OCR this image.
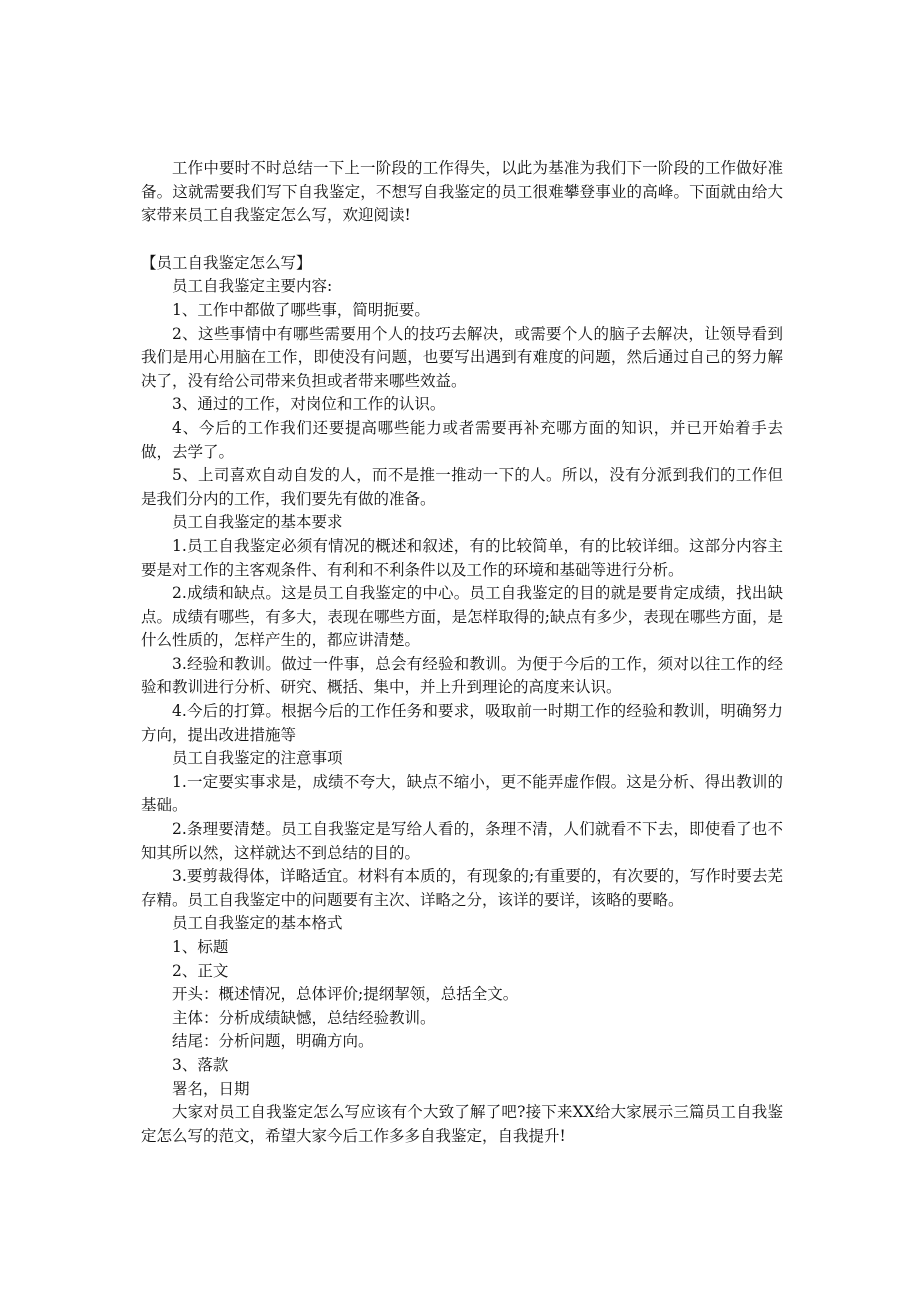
工作中要时不时总结一下上一阶段的工作得失，以此为基准为我们下一阶段的工作做好准备。这就需要我们写下自我鉴定，不想写自我鉴定的员工很难攀登事业的高峰。下面就由给大家带来员工自我鉴定怎么写，欢迎阅读!

【员工自我鉴定怎么写】

员工自我鉴定主要内容:

1、工作中都做了哪些事，简明扼要。

2、这些事情中有哪些需要用个人的技巧去解决，或需要个人的脑子去解决，让领导看到我们是用心用脑在工作，即使没有问题，也要写出遇到有难度的问题，然后通过自己的努力解决了，没有给公司带来负担或者带来哪些效益。

3、通过的工作，对岗位和工作的认识。

4、今后的工作我们还要提高哪些能力或者需要再补充哪方面的知识，并已开始着手去做，去学了。

5、上司喜欢自动自发的人，而不是推一推动一下的人。所以，没有分派到我们的工作但是我们分内的工作，我们要先有做的准备。

员工自我鉴定的基本要求

1.员工自我鉴定必须有情况的概述和叙述，有的比较简单，有的比较详细。这部分内容主要是对工作的主客观条件、有利和不利条件以及工作的环境和基础等进行分析。

2.成绩和缺点。这是员工自我鉴定的中心。员工自我鉴定的目的就是要肯定成绩，找出缺点。成绩有哪些，有多大，表现在哪些方面，是怎样取得的;缺点有多少，表现在哪些方面，是什么性质的，怎样产生的，都应讲清楚。

3.经验和教训。做过一件事，总会有经验和教训。为便于今后的工作，须对以往工作的经验和教训进行分析、研究、概括、集中，并上升到理论的高度来认识。

4.今后的打算。根据今后的工作任务和要求，吸取前一时期工作的经验和教训，明确努力方向，提出改进措施等

员工自我鉴定的注意事项

1.一定要实事求是，成绩不夸大，缺点不缩小，更不能弄虚作假。这是分析、得出教训的基础。

2.条理要清楚。员工自我鉴定是写给人看的，条理不清，人们就看不下去，即使看了也不知其所以然，这样就达不到总结的目的。

3.要剪裁得体，详略适宜。材料有本质的，有现象的;有重要的，有次要的，写作时要去芜存精。员工自我鉴定中的问题要有主次、详略之分，该详的要详，该略的要略。

员工自我鉴定的基本格式

1、标题

2、正文

开头：概述情况，总体评价;提纲挈领，总括全文。

主体：分析成绩缺憾，总结经验教训。

结尾：分析问题，明确方向。

3、落款

署名，日期

大家对员工自我鉴定怎么写应该有个大致了解了吧?接下来XX给大家展示三篇员工自我鉴定怎么写的范文，希望大家今后工作多多自我鉴定，自我提升!
